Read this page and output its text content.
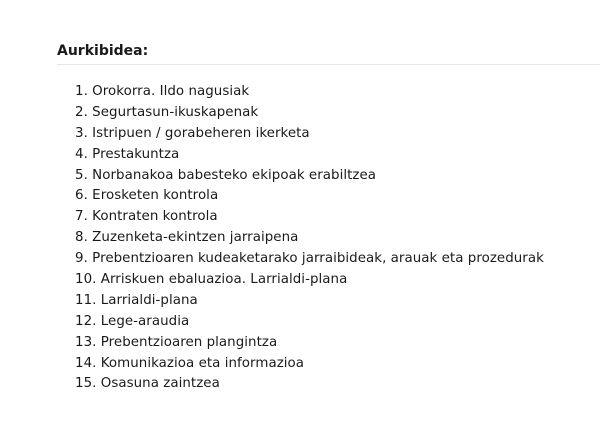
Aurkibidea:
1. Orokorra. Ildo nagusiak
2. Segurtasun-ikuskapenak
3. Istripuen / gorabeheren ikerketa
4. Prestakuntza
5. Norbanakoa babesteko ekipoak erabiltzea
6. Erosketen kontrola
7. Kontraten kontrola
8. Zuzenketa-ekintzen jarraipena
9. Prebentzioaren kudeaketarako jarraibideak, arauak eta prozedurak
10. Arriskuen ebaluazioa. Larrialdi-plana
11. Larrialdi-plana
12. Lege-araudia
13. Prebentzioaren plangintza
14. Komunikazioa eta informazioa
15. Osasuna zaintzea
